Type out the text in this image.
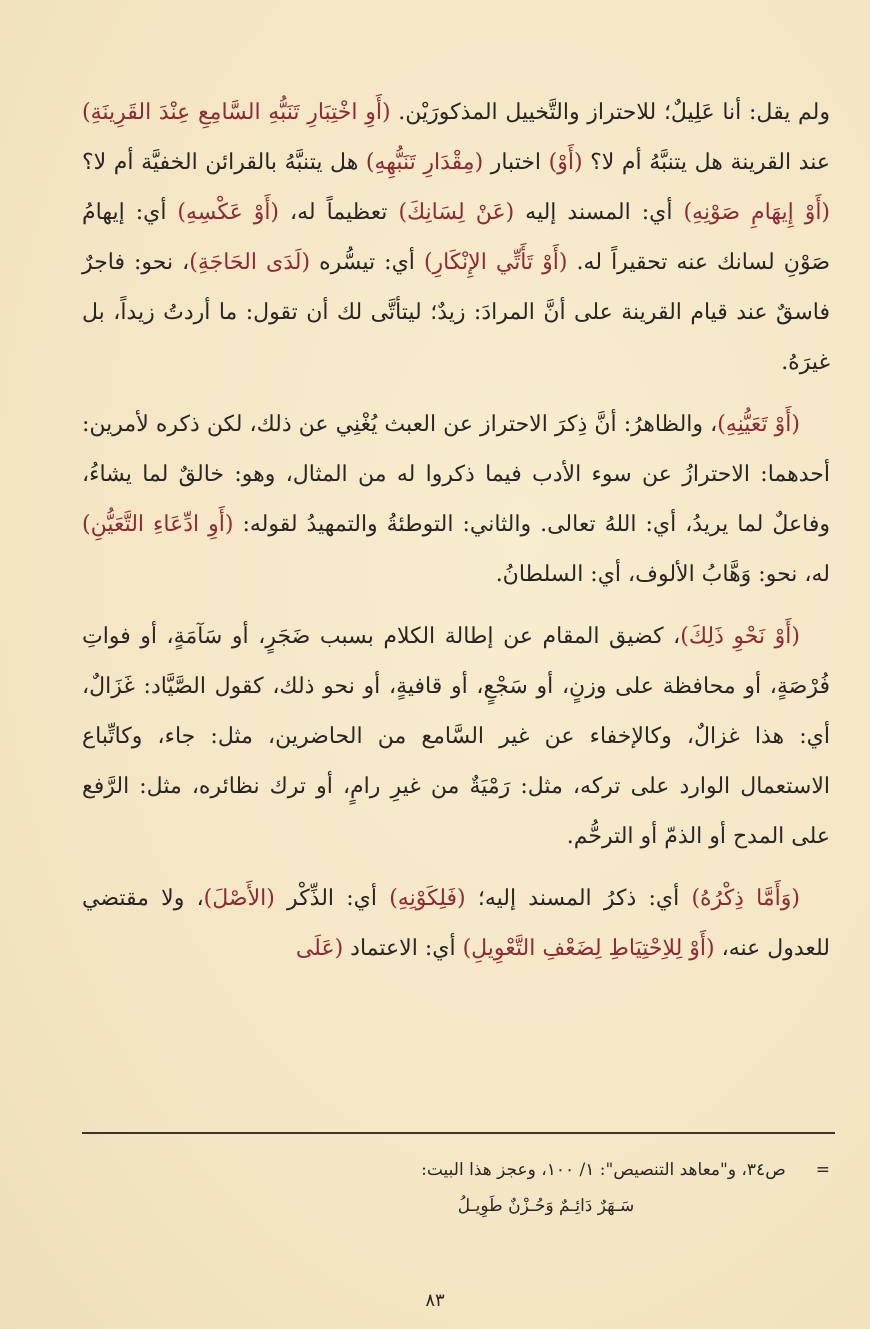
ولم يقل: أنا عَلِيلٌ؛ للاحتراز والتَّخييل المذكورَيْن. (أَوِ اخْتِبَارِ تَنَبُّهِ السَّامِعِ عِنْدَ القَرِينَةِ) عند القرينة هل يتنبَّهُ أم لا؟ (أَوْ) اختبار (مِقْدَارِ تَنَبُّهِهِ) هل يتنبَّهُ بالقرائن الخفيَّة أم لا؟ (أَوْ إِيهَامِ صَوْنِهِ) أي: المسند إليه (عَنْ لِسَانِكَ) تعظيماً له، (أَوْ عَكْسِهِ) أي: إيهامُ صَوْنِ لسانك عنه تحقيراً له. (أَوْ تَأَتِّي الإِنْكَارِ) أي: تيسُّره (لَدَى الحَاجَةِ)، نحو: فاجرٌ فاسقٌ عند قيام القرينة على أنَّ المرادَ: زيدٌ؛ ليتأتَّى لك أن تقول: ما أردتُ زيداً، بل غيرَهُ.

(أَوْ تَعَيُّنِهِ)، والظاهرُ: أنَّ ذِكرَ الاحتراز عن العبث يُغْنِي عن ذلك، لكن ذكره لأمرين: أحدهما: الاحترازُ عن سوء الأدب فيما ذكروا له من المثال، وهو: خالقٌ لما يشاءُ، وفاعلٌ لما يريدُ، أي: اللهُ تعالى. والثاني: التوطئةُ والتمهيدُ لقوله: (أَوِ ادِّعَاءِ التَّعَيُّنِ) له، نحو: وَهَّابُ الألوف، أي: السلطانُ.

(أَوْ نَحْوِ ذَلِكَ)، كضيق المقام عن إطالة الكلام بسبب ضَجَرٍ، أو سَآمَةٍ، أو فواتِ فُرْصَةٍ، أو محافظة على وزنٍ، أو سَجْعٍ، أو قافيةٍ، أو نحو ذلك، كقول الصَّيَّاد: غَزَالٌ، أي: هذا غزالٌ، وكالإخفاء عن غير السَّامع من الحاضرين، مثل: جاء، وكاتِّباع الاستعمال الوارد على تركه، مثل: رَمْيَةٌ من غيرِ رامٍ، أو ترك نظائره، مثل: الرَّفع على المدح أو الذمّ أو الترحُّم.

(وَأَمَّا ذِكْرُهُ) أي: ذكرُ المسند إليه؛ (فَلِكَوْنِهِ) أي: الذِّكْر (الأَصْلَ)، ولا مقتضي للعدول عنه، (أَوْ لِلاِحْتِيَاطِ لِضَعْفِ التَّعْوِيلِ) أي: الاعتماد (عَلَى

=ص٣٤، و"معاهد التنصيص": ١/ ١٠٠، وعجز هذا البيت:

سَـهَرٌ دَائِـمٌ وَحُـزْنٌ طَوِيـلُ

٨٣
